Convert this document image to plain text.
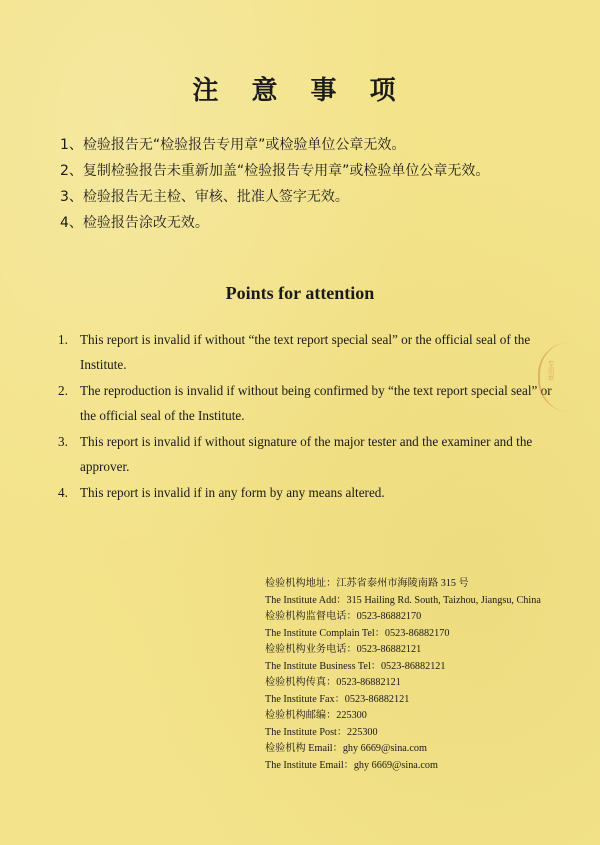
注 意 事 项
1、检验报告无“检验报告专用章”或检验单位公章无效。
2、复制检验报告未重新加盖“检验报告专用章”或检验单位公章无效。
3、检验报告无主检、审核、批准人签字无效。
4、检验报告涂改无效。
Points for attention
1. This report is invalid if without “the text report special seal” or the official seal of the Institute.
2. The reproduction is invalid if without being confirmed by “the text report special seal” or the official seal of the Institute.
3. This report is invalid if without signature of the major tester and the examiner and the approver.
4. This report is invalid if in any form by any means altered.
专用章
检验机构地址：江苏省泰州市海陵南路 315 号
The Institute Add：315 Hailing Rd. South, Taizhou, Jiangsu, China
检验机构监督电话：0523-86882170
The Institute Complain Tel：0523-86882170
检验机构业务电话：0523-86882121
The Institute Business Tel：0523-86882121
检验机构传真：0523-86882121
The Institute Fax：0523-86882121
检验机构邮编：225300
The Institute Post：225300
检验机构 Email：ghy 6669@sina.com
The Institute Email：ghy 6669@sina.com
